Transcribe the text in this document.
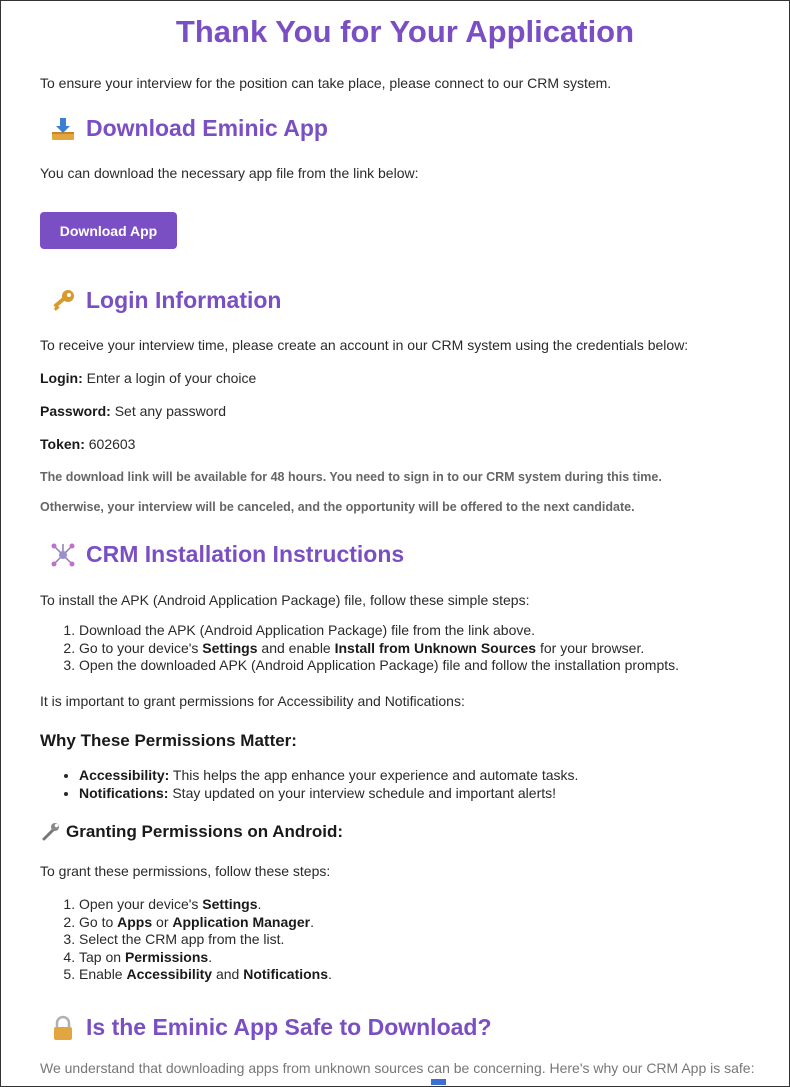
Thank You for Your Application

To ensure your interview for the position can take place, please connect to our CRM system.

Download Eminic App

You can download the necessary app file from the link below:

Download App
Login Information

To receive your interview time, please create an account in our CRM system using the credentials below:

Login: Enter a login of your choice

Password: Set any password

Token: 602603

The download link will be available for 48 hours. You need to sign in to our CRM system during this time.

Otherwise, your interview will be canceled, and the opportunity will be offered to the next candidate.

CRM Installation Instructions

To install the APK (Android Application Package) file, follow these simple steps:

1. Download the APK (Android Application Package) file from the link above.
2. Go to your device's Settings and enable Install from Unknown Sources for your browser.
3. Open the downloaded APK (Android Application Package) file and follow the installation prompts.

It is important to grant permissions for Accessibility and Notifications:

Why These Permissions Matter:
• Accessibility: This helps the app enhance your experience and automate tasks.
• Notifications: Stay updated on your interview schedule and important alerts!
Granting Permissions on Android:

To grant these permissions, follow these steps:

1. Open your device's Settings.
2. Go to Apps or Application Manager.
3. Select the CRM app from the list.
4. Tap on Permissions.
5. Enable Accessibility and Notifications.
Is the Eminic App Safe to Download?

We understand that downloading apps from unknown sources can be concerning. Here's why our CRM App is safe:
